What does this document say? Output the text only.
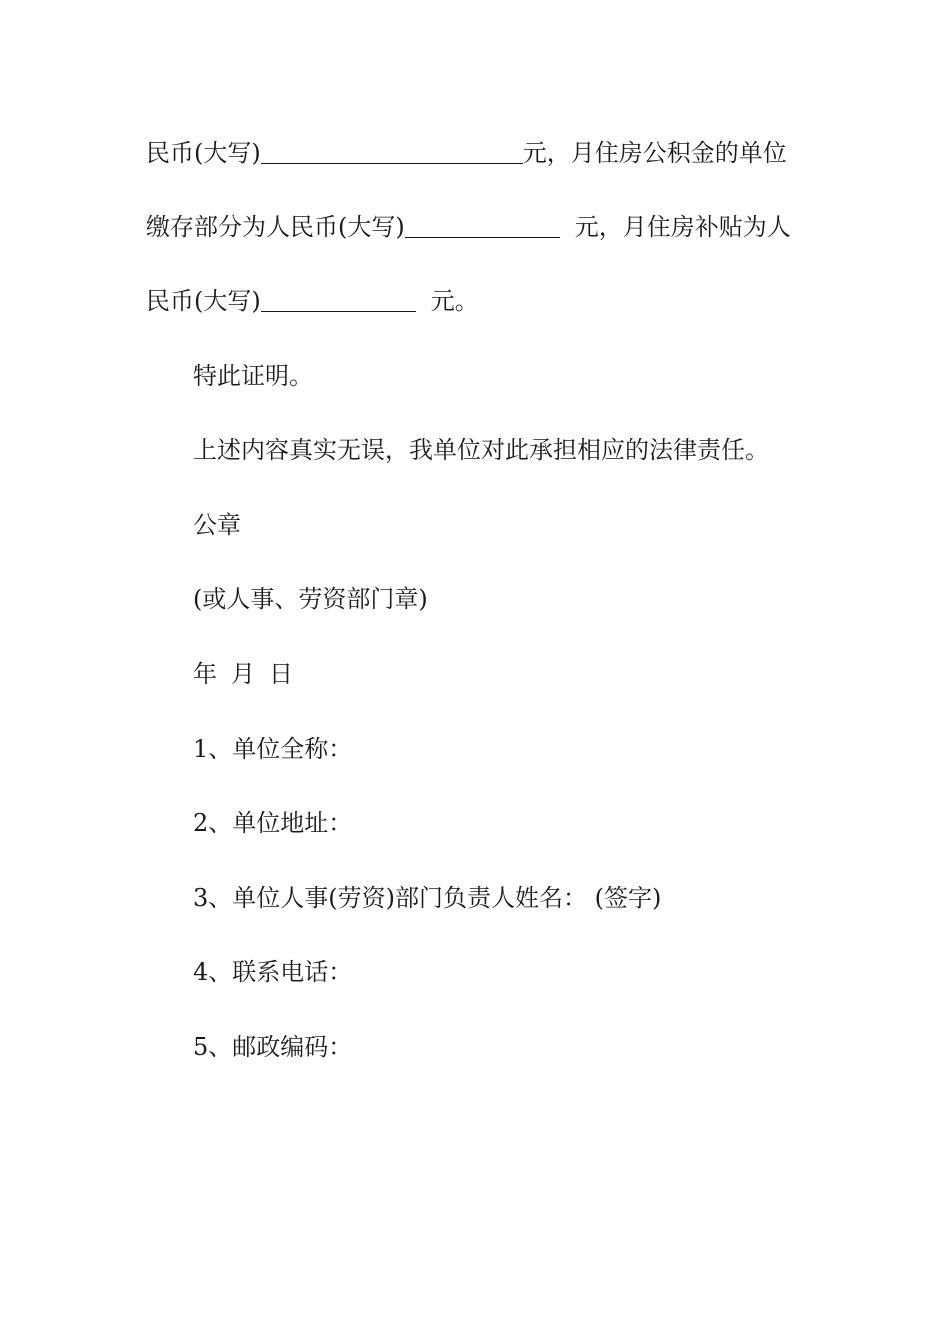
民币(大写)	元，月住房公积金的单位
缴存部分为人民币(大写)	元，月住房补贴为人
民币(大写)	元。
特此证明。
上述内容真实无误，我单位对此承担相应的法律责任。
公章
(或人事、劳资部门章)
年 月 日
1、单位全称：
2、单位地址：
3、单位人事(劳资)部门负责人姓名： (签字)
4、联系电话：
5、邮政编码：
